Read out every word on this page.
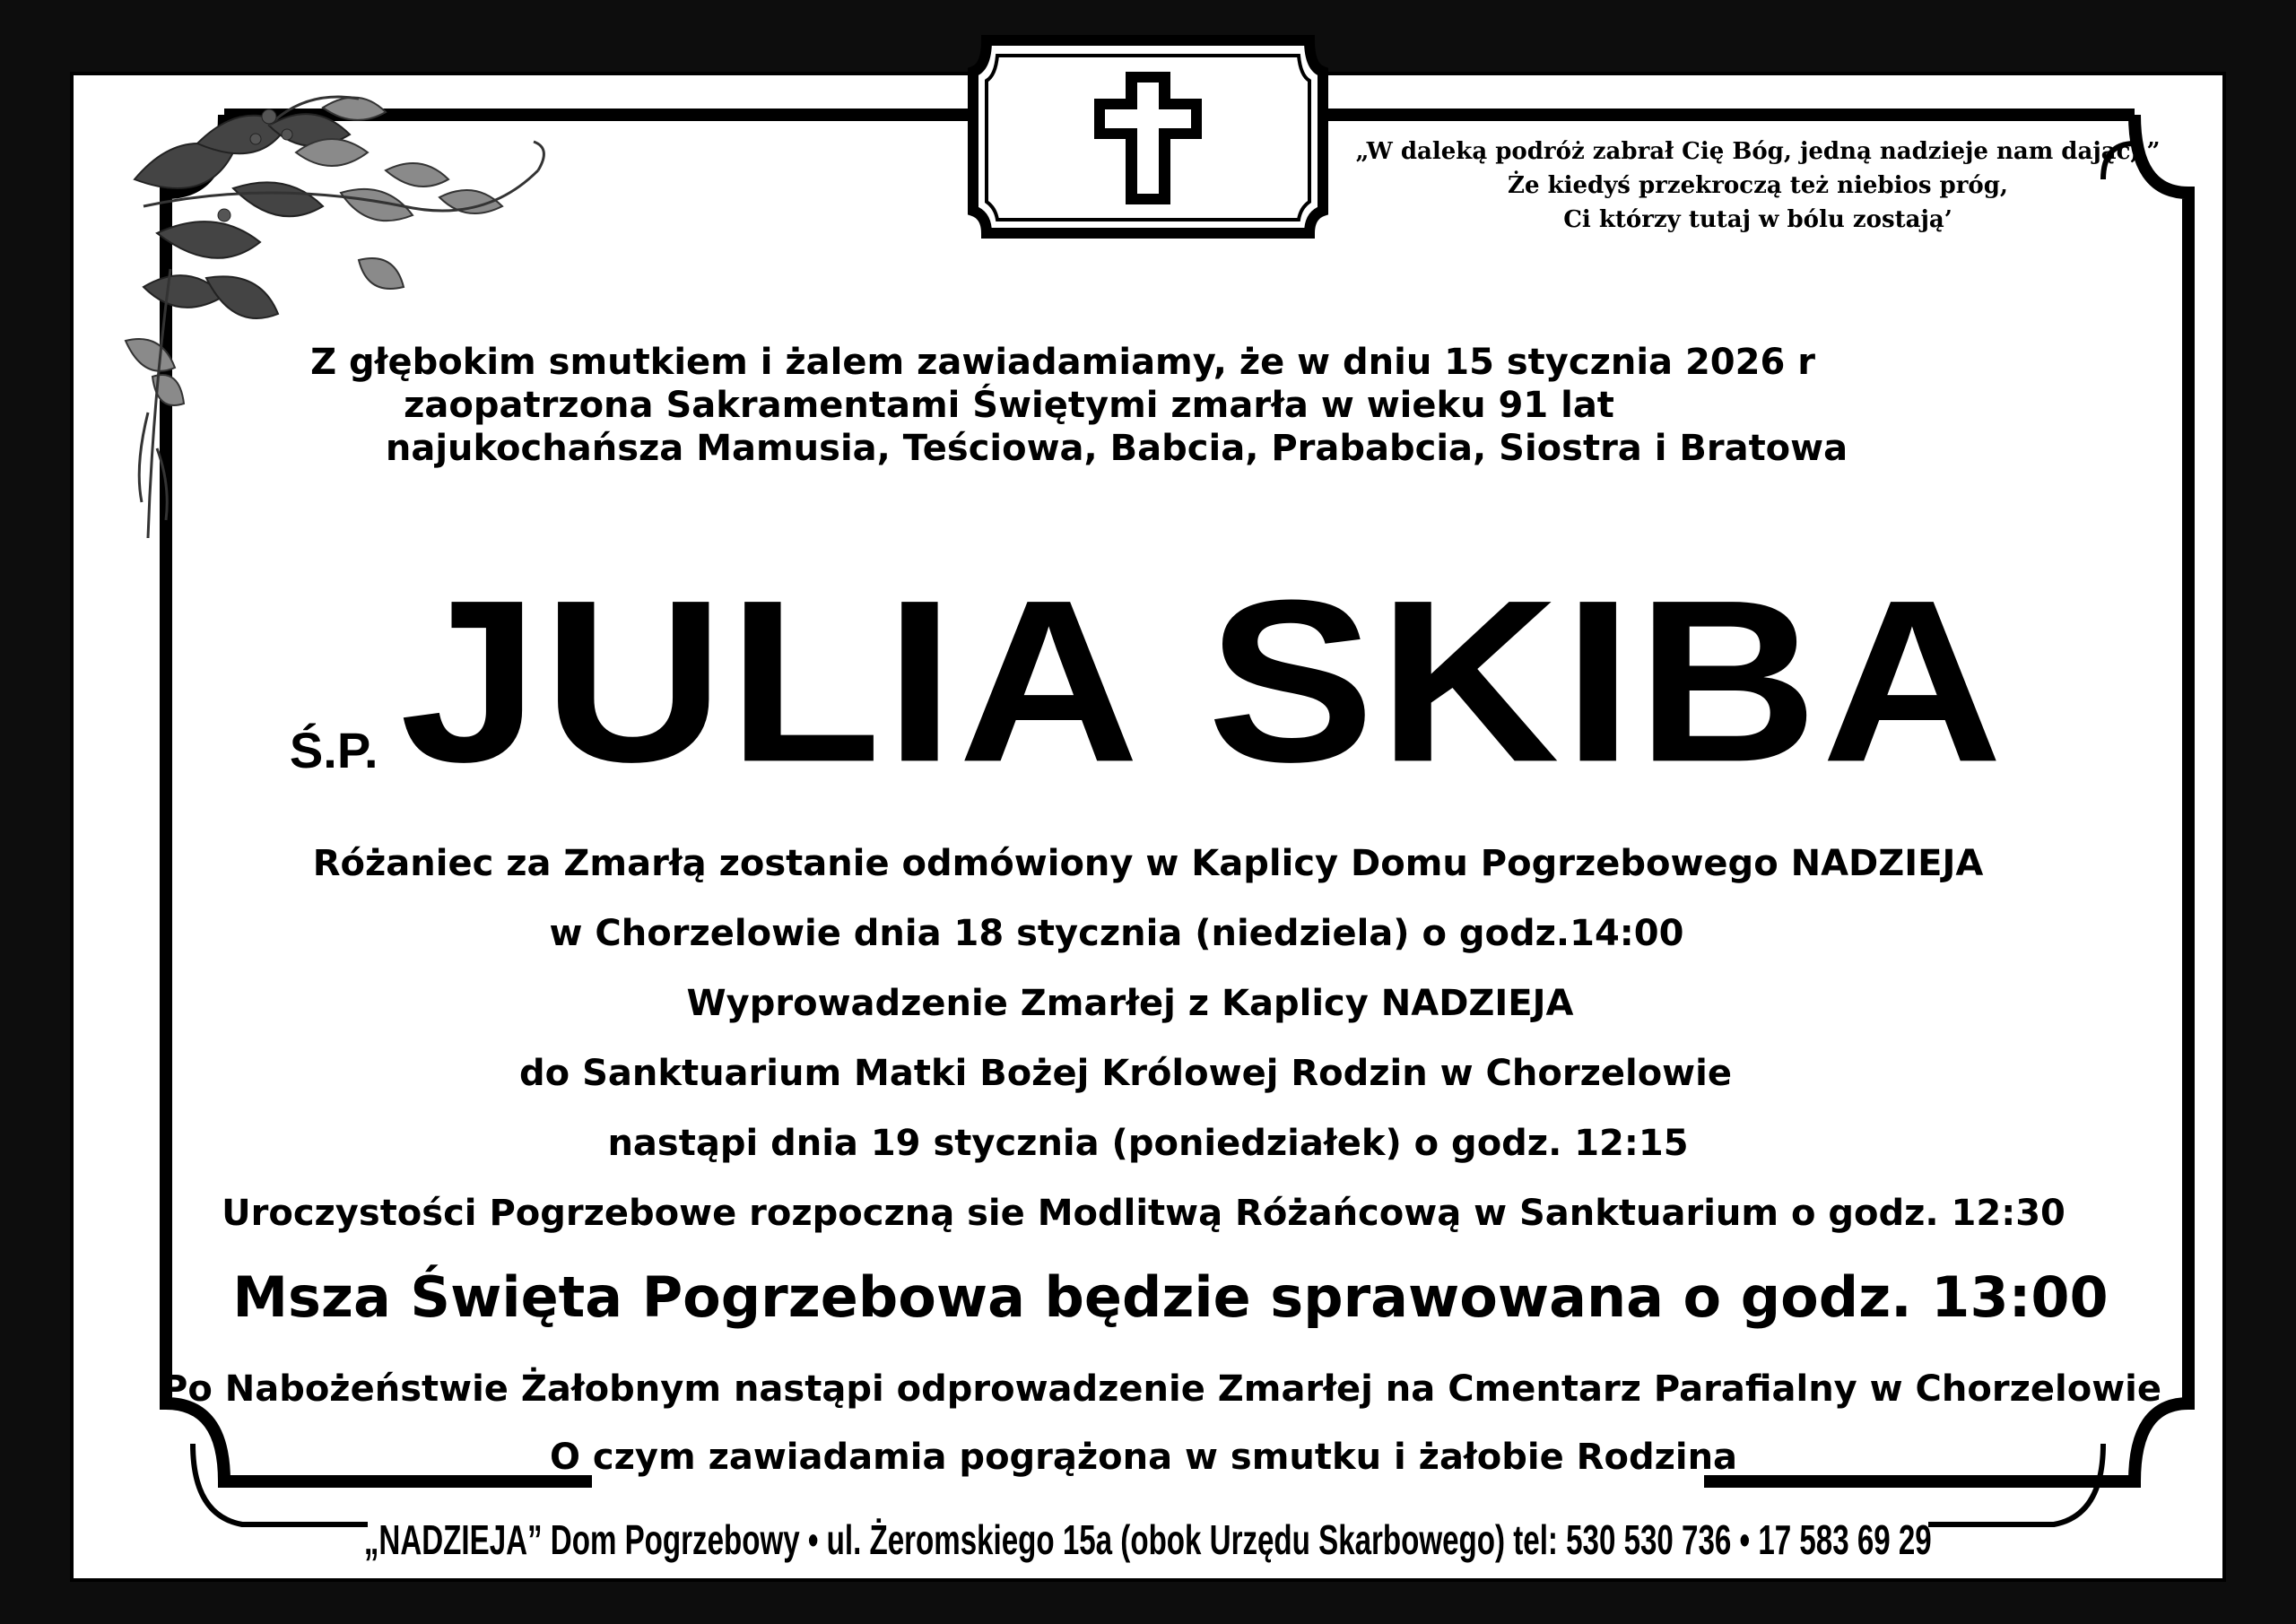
„W daleką podróż zabrał Cię Bóg, jedną nadzieje nam dając, ”
Że kiedyś przekroczą też niebios próg,
Ci którzy tutaj w bólu zostają’
Z głębokim smutkiem i żalem zawiadamiamy, że w dniu 15 stycznia 2026 r
zaopatrzona Sakramentami Świętymi zmarła w wieku 91 lat
najukochańsza Mamusia, Teściowa, Babcia, Prababcia, Siostra i Bratowa
Ś.P.JULIA SKIBA
Różaniec za Zmarłą zostanie odmówiony w Kaplicy Domu Pogrzebowego NADZIEJA
w Chorzelowie dnia 18 stycznia (niedziela) o godz.14:00
Wyprowadzenie Zmarłej z Kaplicy NADZIEJA
do Sanktuarium Matki Bożej Królowej Rodzin w Chorzelowie
nastąpi dnia 19 stycznia (poniedziałek) o godz. 12:15
Uroczystości Pogrzebowe rozpoczną sie Modlitwą Różańcową w Sanktuarium o godz. 12:30
Msza Święta Pogrzebowa będzie sprawowana o godz. 13:00
Po Nabożeństwie Żałobnym nastąpi odprowadzenie Zmarłej na Cmentarz Parafialny w Chorzelowie
O czym zawiadamia pogrążona w smutku i żałobie Rodzina
„NADZIEJA” Dom Pogrzebowy • ul. Żeromskiego 15a (obok Urzędu Skarbowego) tel: 530 530 736 • 17 583 69 29
